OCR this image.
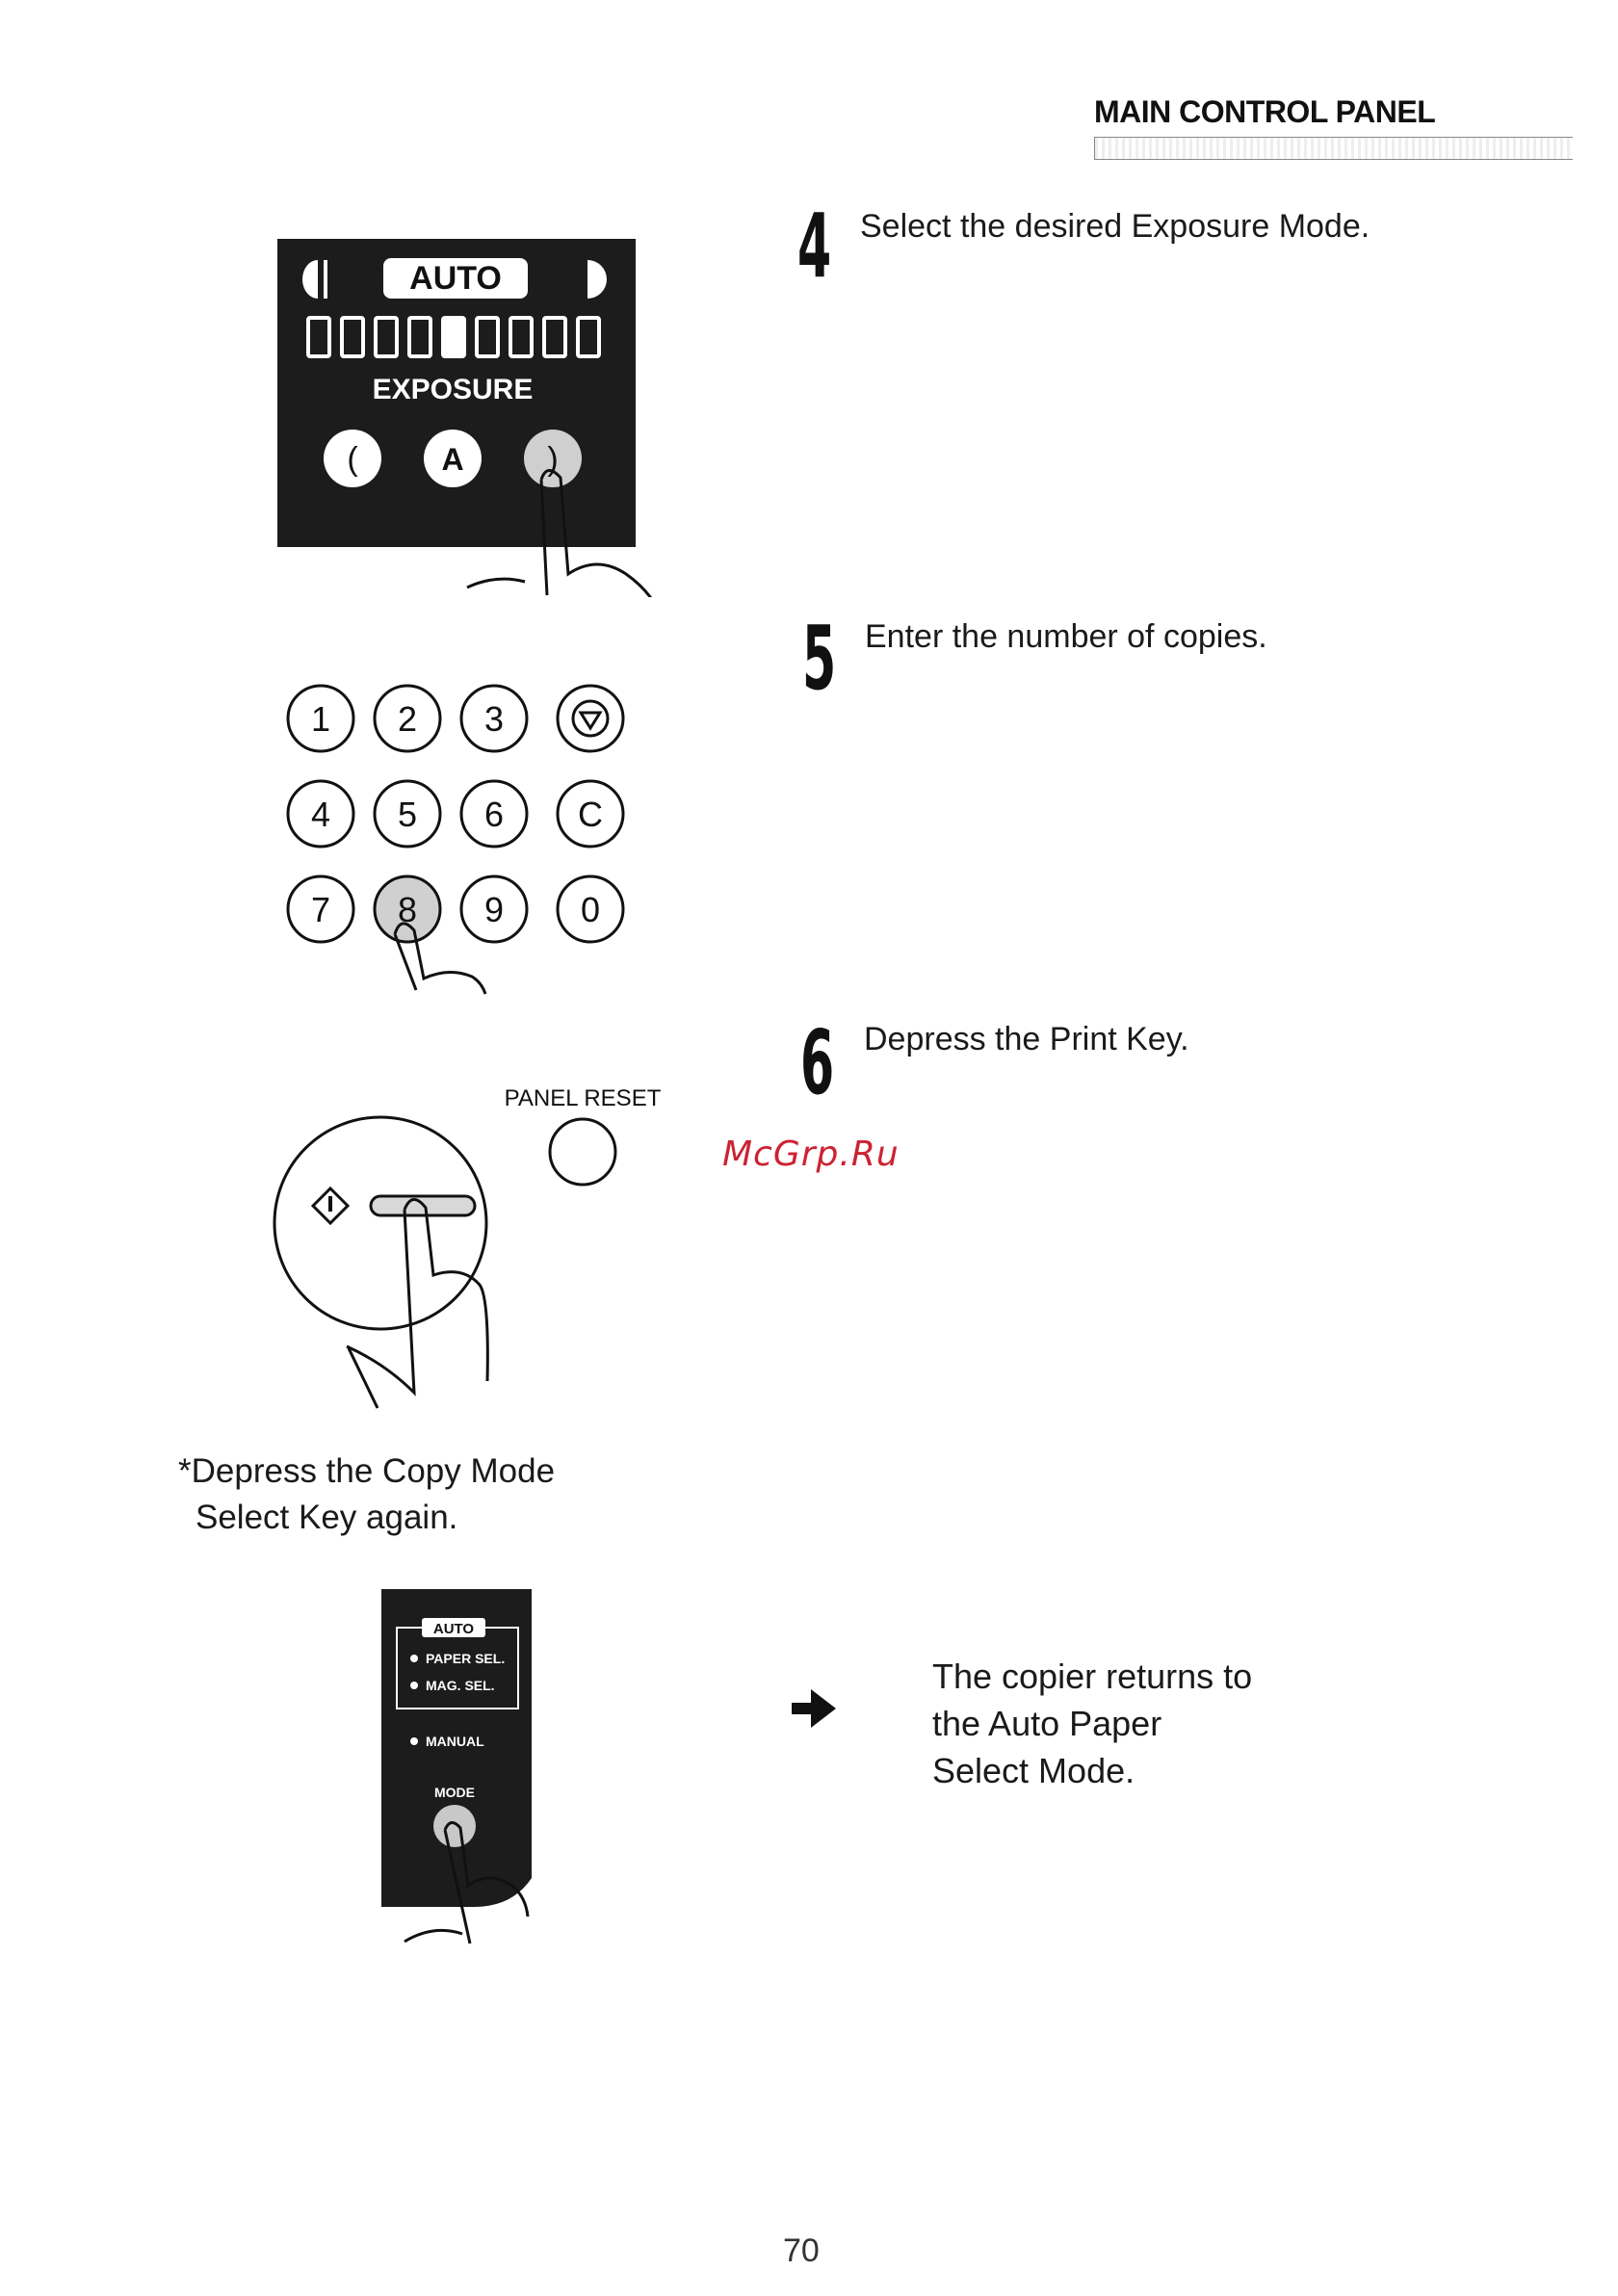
MAIN CONTROL PANEL
4 Select the desired Exposure Mode.
5 Enter the number of copies.
6 Depress the Print Key.
McGrp.Ru
AUTO
EXPOSURE
(	A	)
1 2 3
4 5 6 C
7 8 9 0
PANEL RESET
*Depress the Copy Mode
Select Key again.
AUTO
PAPER SEL.
MAG. SEL.
MANUAL
MODE
The copier returns to
the Auto Paper
Select Mode.
70
